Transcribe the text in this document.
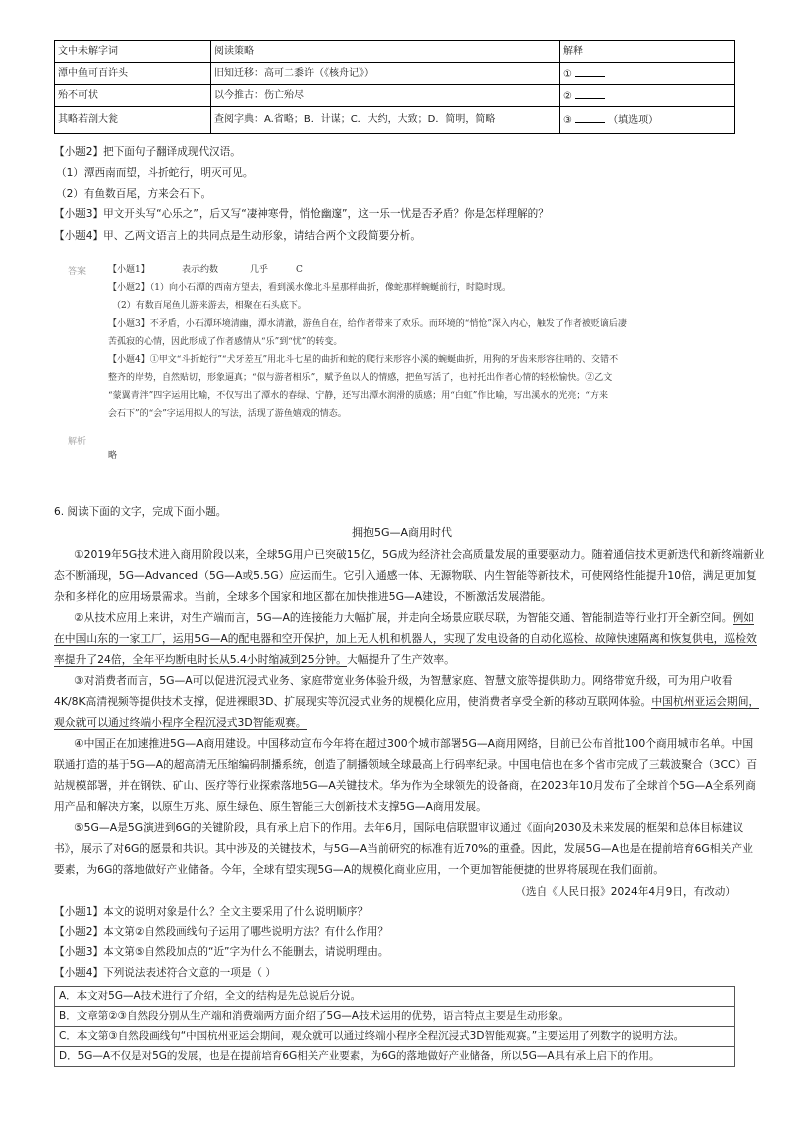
文中未解字词	阅读策略	解释
潭中鱼可百许头	旧知迁移：高可二黍许（《核舟记》）	①
殆不可状	以今推古：伤亡殆尽	②
其略若剖大瓮	查阅字典：A.省略；B．计谋；C．大约，大致；D．简明，简略	③ （填选项）
【小题2】把下面句子翻译成现代汉语。
（1）潭西南而望，斗折蛇行，明灭可见。
（2）有鱼数百尾，方来会石下。
【小题3】甲文开头写“心乐之”，后又写“凄神寒骨，悄怆幽邃”，这一乐一忧是否矛盾？你是怎样理解的？
【小题4】甲、乙两文语言上的共同点是生动形象，请结合两个文段简要分析。
答案 【小题1】	表示约数	几乎	C
【小题2】（1）向小石潭的西南方望去，看到溪水像北斗星那样曲折，像蛇那样蜿蜒前行，时隐时现。
（2）有数百尾鱼儿游来游去，相聚在石头底下。
【小题3】不矛盾，小石潭环境清幽，潭水清澈，游鱼自在，给作者带来了欢乐。而环境的“悄怆”深入内心，触发了作者被贬谪后凄
苦孤寂的心情，因此形成了作者感情从“乐”到“忧”的转变。
【小题4】①甲文“斗折蛇行”“犬牙差互”用北斗七星的曲折和蛇的爬行来形容小溪的蜿蜒曲折，用狗的牙齿来形容往哨的、交错不
整齐的岸势，自然贴切，形象逼真；“似与游者相乐”，赋予鱼以人的情感，把鱼写活了，也衬托出作者心情的轻松愉快。②乙文
“蒙翼青泮”四字运用比喻，不仅写出了潭水的春绿、宁静，还写出潭水润滑的质感；用“白虹”作比喻，写出溪水的光亮；“方来
会石下”的“会”字运用拟人的写法，活现了游鱼嬉戏的情态。
解析
略
6. 阅读下面的文字，完成下面小题。
拥抱5G—A商用时代
①2019年5G技术进入商用阶段以来，全球5G用户已突破15亿，5G成为经济社会高质量发展的重要驱动力。随着通信技术更新迭代和新终端新业
态不断涌现，5G—Advanced（5G—A或5.5G）应运而生。它引入通感一体、无源物联、内生智能等新技术，可使网络性能提升10倍，满足更加复
杂和多样化的应用场景需求。当前，全球多个国家和地区都在加快推进5G—A建设，不断激活发展潜能。
②从技术应用上来讲，对生产端而言，5G—A的连接能力大幅扩展，并走向全场景应联尽联，为智能交通、智能制造等行业打开全新空间。例如
在中国山东的一家工厂，运用5G—A的配电器和空开保护，加上无人机和机器人，实现了发电设备的自动化巡检、故障快速隔离和恢复供电，巡检效
率提升了24倍，全年平均断电时长从5.4小时缩减到25分钟。大幅提升了生产效率。
③对消费者而言，5G—A可以促进沉浸式业务、家庭带宽业务体验升级，为智慧家庭、智慧文旅等提供助力。网络带宽升级，可为用户收看
4K/8K高清视频等提供技术支撑，促进裸眼3D、扩展现实等沉浸式业务的规模化应用，使消费者享受全新的移动互联网体验。中国杭州亚运会期间，
观众就可以通过终端小程序全程沉浸式3D智能观赛。
④中国正在加速推进5G—A商用建设。中国移动宣布今年将在超过300个城市部署5G—A商用网络，目前已公布首批100个商用城市名单。中国
联通打造的基于5G—A的超高清无压缩编码制播系统，创造了制播领域全球最高上行码率纪录。中国电信也在多个省市完成了三载波聚合（3CC）百
站规模部署，并在钢铁、矿山、医疗等行业探索落地5G—A关键技术。华为作为全球领先的设备商，在2023年10月发布了全球首个5G—A全系列商
用产品和解决方案，以原生万兆、原生绿色、原生智能三大创新技术支撑5G—A商用发展。
⑤5G—A是5G演进到6G的关键阶段，具有承上启下的作用。去年6月，国际电信联盟审议通过《面向2030及未来发展的框架和总体目标建议
书》，展示了对6G的愿景和共识。其中涉及的关键技术，与5G—A当前研究的标准有近70%的重叠。因此，发展5G—A也是在提前培育6G相关产业
要素，为6G的落地做好产业储备。今年，全球有望实现5G—A的规模化商业应用，一个更加智能便捷的世界将展现在我们面前。
（选自《人民日报》2024年4月9日，有改动）
【小题1】本文的说明对象是什么？全文主要采用了什么说明顺序？
【小题2】本文第②自然段画线句子运用了哪些说明方法？有什么作用？
【小题3】本文第⑤自然段加点的“近”字为什么不能删去，请说明理由。
【小题4】下列说法表述符合文意的一项是（ ）
A．本文对5G—A技术进行了介绍，全文的结构是先总说后分说。
B．文章第②③自然段分别从生产端和消费端两方面介绍了5G—A技术运用的优势，语言特点主要是生动形象。
C．本文第③自然段画线句“中国杭州亚运会期间，观众就可以通过终端小程序全程沉浸式3D智能观赛。”主要运用了列数字的说明方法。
D．5G—A不仅是对5G的发展，也是在提前培育6G相关产业要素，为6G的落地做好产业储备，所以5G—A具有承上启下的作用。
